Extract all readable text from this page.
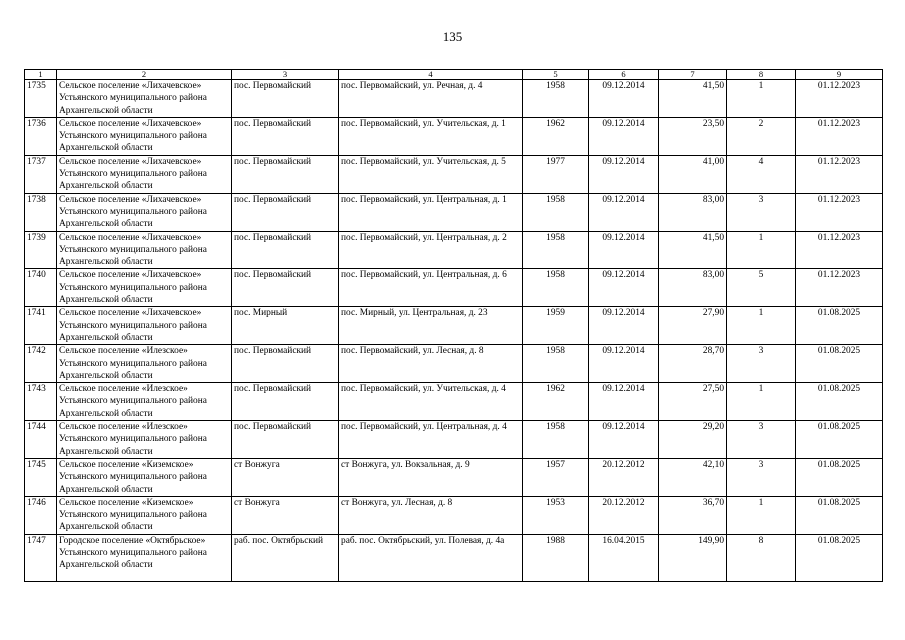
135
1	2	3	4	5	6	7	8	9
1735	Сельское поселение «Лихачевское» Устьянского муниципального района Архангельской области	пос. Первомайский	пос. Первомайский, ул. Речная, д. 4	1958	09.12.2014	41,50	1	01.12.2023
1736	Сельское поселение «Лихачевское» Устьянского муниципального района Архангельской области	пос. Первомайский	пос. Первомайский, ул. Учительская, д. 1	1962	09.12.2014	23,50	2	01.12.2023
1737	Сельское поселение «Лихачевское» Устьянского муниципального района Архангельской области	пос. Первомайский	пос. Первомайский, ул. Учительская, д. 5	1977	09.12.2014	41,00	4	01.12.2023
1738	Сельское поселение «Лихачевское» Устьянского муниципального района Архангельской области	пос. Первомайский	пос. Первомайский, ул. Центральная, д. 1	1958	09.12.2014	83,00	3	01.12.2023
1739	Сельское поселение «Лихачевское» Устьянского муниципального района Архангельской области	пос. Первомайский	пос. Первомайский, ул. Центральная, д. 2	1958	09.12.2014	41,50	1	01.12.2023
1740	Сельское поселение «Лихачевское» Устьянского муниципального района Архангельской области	пос. Первомайский	пос. Первомайский, ул. Центральная, д. 6	1958	09.12.2014	83,00	5	01.12.2023
1741	Сельское поселение «Лихачевское» Устьянского муниципального района Архангельской области	пос. Мирный	пос. Мирный, ул. Центральная, д. 23	1959	09.12.2014	27,90	1	01.08.2025
1742	Сельское поселение «Илезское» Устьянского муниципального района Архангельской области	пос. Первомайский	пос. Первомайский, ул. Лесная, д. 8	1958	09.12.2014	28,70	3	01.08.2025
1743	Сельское поселение «Илезское» Устьянского муниципального района Архангельской области	пос. Первомайский	пос. Первомайский, ул. Учительская, д. 4	1962	09.12.2014	27,50	1	01.08.2025
1744	Сельское поселение «Илезское» Устьянского муниципального района Архангельской области	пос. Первомайский	пос. Первомайский, ул. Центральная, д. 4	1958	09.12.2014	29,20	3	01.08.2025
1745	Сельское поселение «Киземское» Устьянского муниципального района Архангельской области	ст Вонжуга	ст Вонжуга, ул. Вокзальная, д. 9	1957	20.12.2012	42,10	3	01.08.2025
1746	Сельское поселение «Киземское» Устьянского муниципального района Архангельской области	ст Вонжуга	ст Вонжуга, ул. Лесная, д. 8	1953	20.12.2012	36,70	1	01.08.2025
1747	Городское поселение «Октябрьское» Устьянского муниципального района Архангельской области	раб. пос. Октябрьский	раб. пос. Октябрьский, ул. Полевая, д. 4а	1988	16.04.2015	149,90	8	01.08.2025
